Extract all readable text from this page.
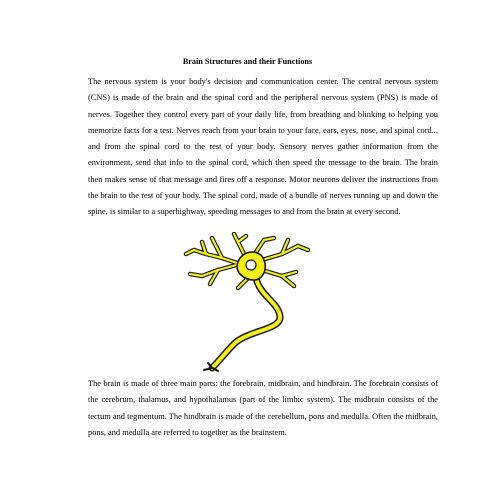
Brain Structures and their Functions

The nervous system is your body's decision and communication center. The central nervous system (CNS) is made of the brain and the spinal cord and the peripheral nervous system (PNS) is made of nerves. Together they control every part of your daily life, from breathing and blinking to helping you memorize facts for a test. Nerves reach from your brain to your face, ears, eyes, nose, and spinal cord... and from the spinal cord to the rest of your body. Sensory nerves gather information from the environment, send that info to the spinal cord, which then speed the message to the brain. The brain then makes sense of that message and fires off a response. Motor neurons deliver the instructions from the brain to the rest of your body. The spinal cord, made of a bundle of nerves running up and down the spine, is similar to a superhighway, speeding messages to and from the brain at every second.

The brain is made of three main parts: the forebrain, midbrain, and hindbrain. The forebrain consists of the cerebrum, thalamus, and hypothalamus (part of the limbic system). The midbrain consists of the tectum and tegmentum. The hindbrain is made of the cerebellum, pons and medulla. Often the midbrain, pons, and medulla are referred to together as the brainstem.
